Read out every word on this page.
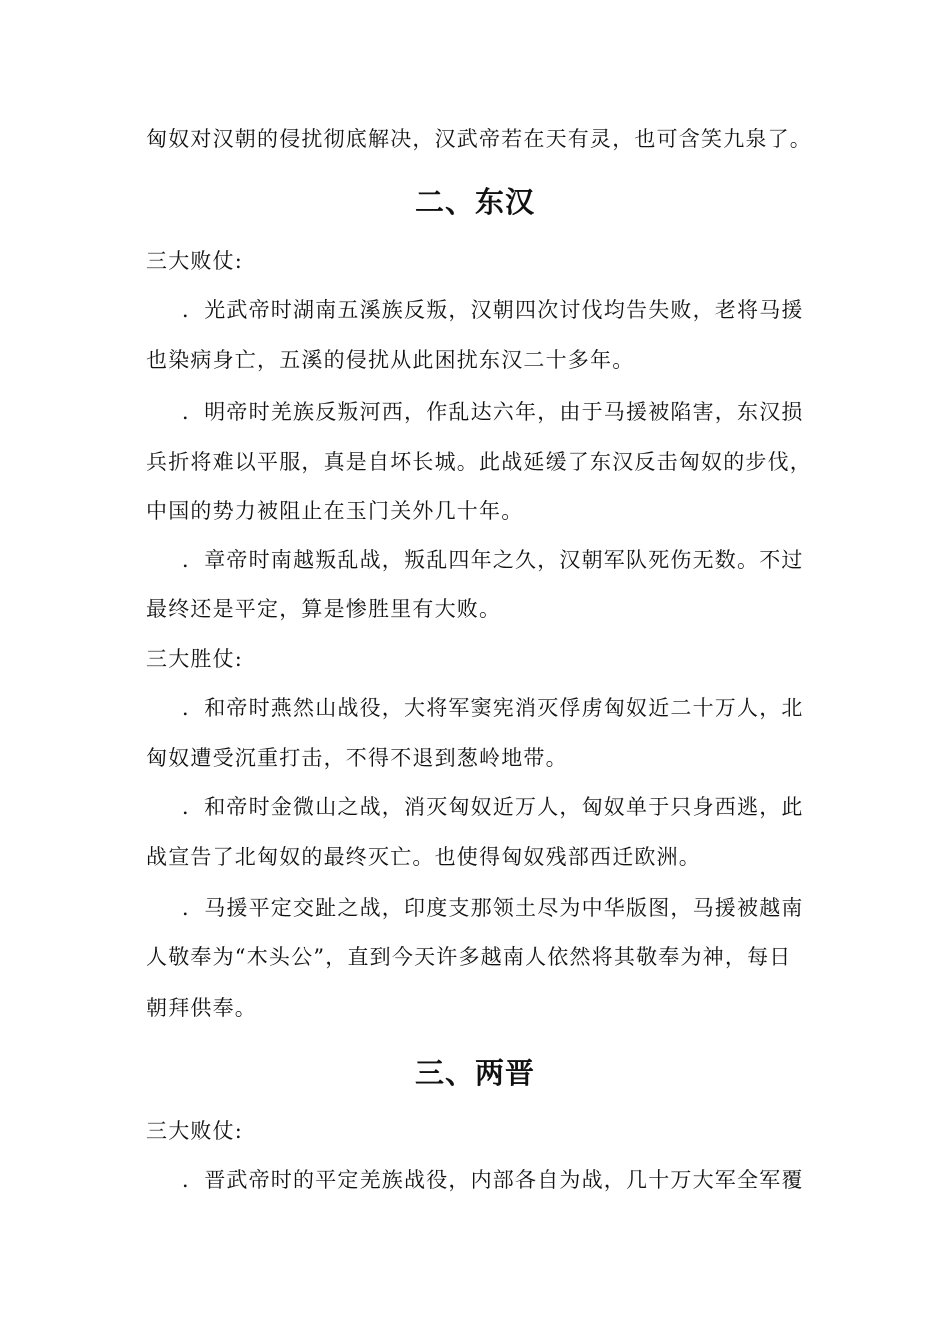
匈奴对汉朝的侵扰彻底解决，汉武帝若在天有灵，也可含笑九泉了。
二、东汉
三大败仗:
．光武帝时湖南五溪族反叛，汉朝四次讨伐均告失败，老将马援
也染病身亡，五溪的侵扰从此困扰东汉二十多年。
．明帝时羌族反叛河西，作乱达六年，由于马援被陷害，东汉损
兵折将难以平服，真是自坏长城。此战延缓了东汉反击匈奴的步伐，
中国的势力被阻止在玉门关外几十年。
．章帝时南越叛乱战，叛乱四年之久，汉朝军队死伤无数。不过
最终还是平定，算是惨胜里有大败。
三大胜仗:
．和帝时燕然山战役，大将军窦宪消灭俘虏匈奴近二十万人，北
匈奴遭受沉重打击，不得不退到葱岭地带。
．和帝时金微山之战，消灭匈奴近万人，匈奴单于只身西逃，此
战宣告了北匈奴的最终灭亡。也使得匈奴残部西迁欧洲。
．马援平定交趾之战，印度支那领土尽为中华版图，马援被越南
人敬奉为“木头公”，直到今天许多越南人依然将其敬奉为神，每日
朝拜供奉。
三、两晋
三大败仗:
．晋武帝时的平定羌族战役，内部各自为战，几十万大军全军覆
